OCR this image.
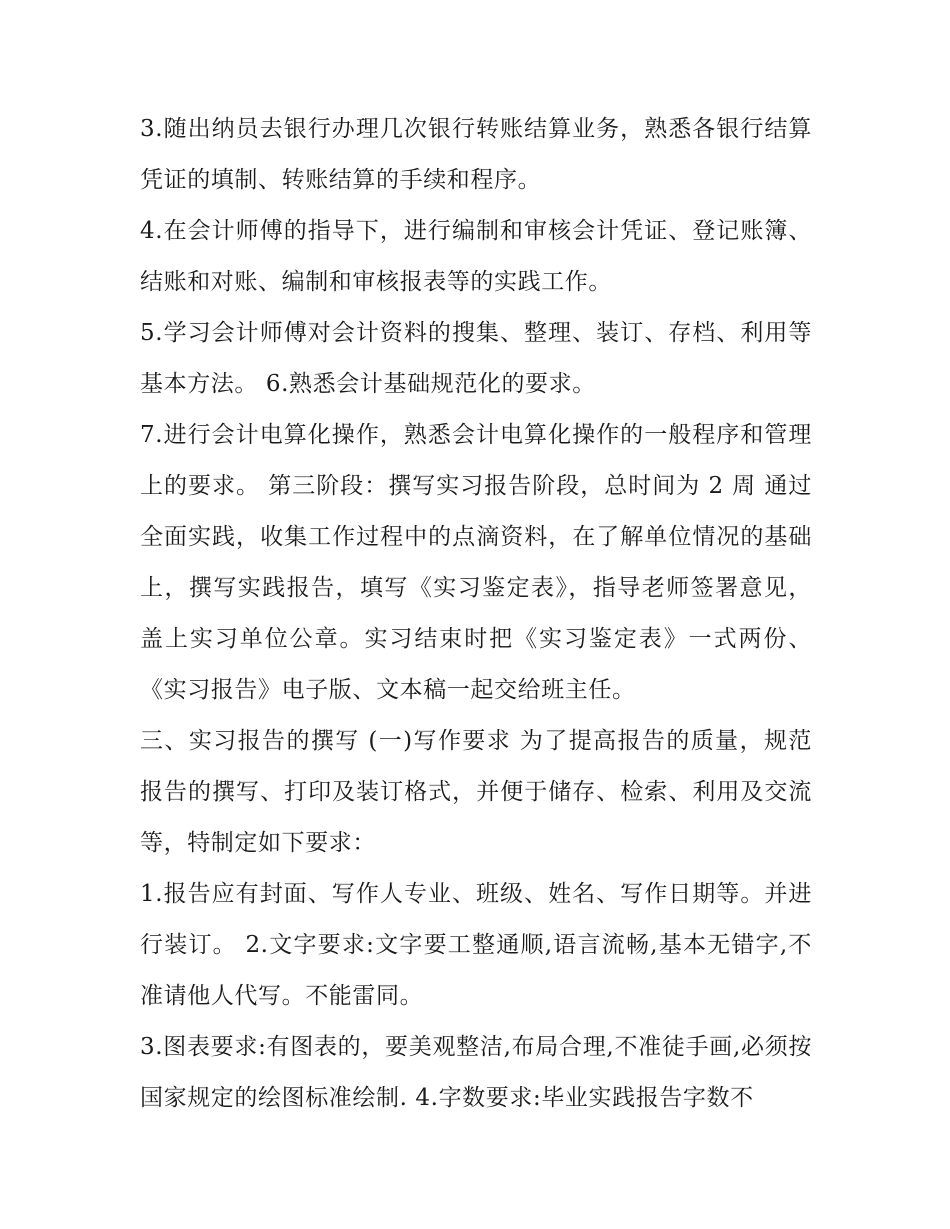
3.随出纳员去银行办理几次银行转账结算业务，熟悉各银行结算凭证的填制、转账结算的手续和程序。

4.在会计师傅的指导下，进行编制和审核会计凭证、登记账簿、结账和对账、编制和审核报表等的实践工作。

5.学习会计师傅对会计资料的搜集、整理、装订、存档、利用等基本方法。 6.熟悉会计基础规范化的要求。

7.进行会计电算化操作，熟悉会计电算化操作的一般程序和管理上的要求。 第三阶段：撰写实习报告阶段，总时间为 2 周 通过全面实践，收集工作过程中的点滴资料，在了解单位情况的基础上，撰写实践报告，填写《实习鉴定表》，指导老师签署意见，盖上实习单位公章。实习结束时把《实习鉴定表》一式两份、《实习报告》电子版、文本稿一起交给班主任。

三、实习报告的撰写 (一)写作要求 为了提高报告的质量，规范报告的撰写、打印及装订格式，并便于储存、检索、利用及交流等，特制定如下要求：

1.报告应有封面、写作人专业、班级、姓名、写作日期等。并进行装订。 2.文字要求:文字要工整通顺,语言流畅,基本无错字,不准请他人代写。不能雷同。

3.图表要求:有图表的，要美观整洁,布局合理,不准徒手画,必须按国家规定的绘图标准绘制. 4.字数要求:毕业实践报告字数不
